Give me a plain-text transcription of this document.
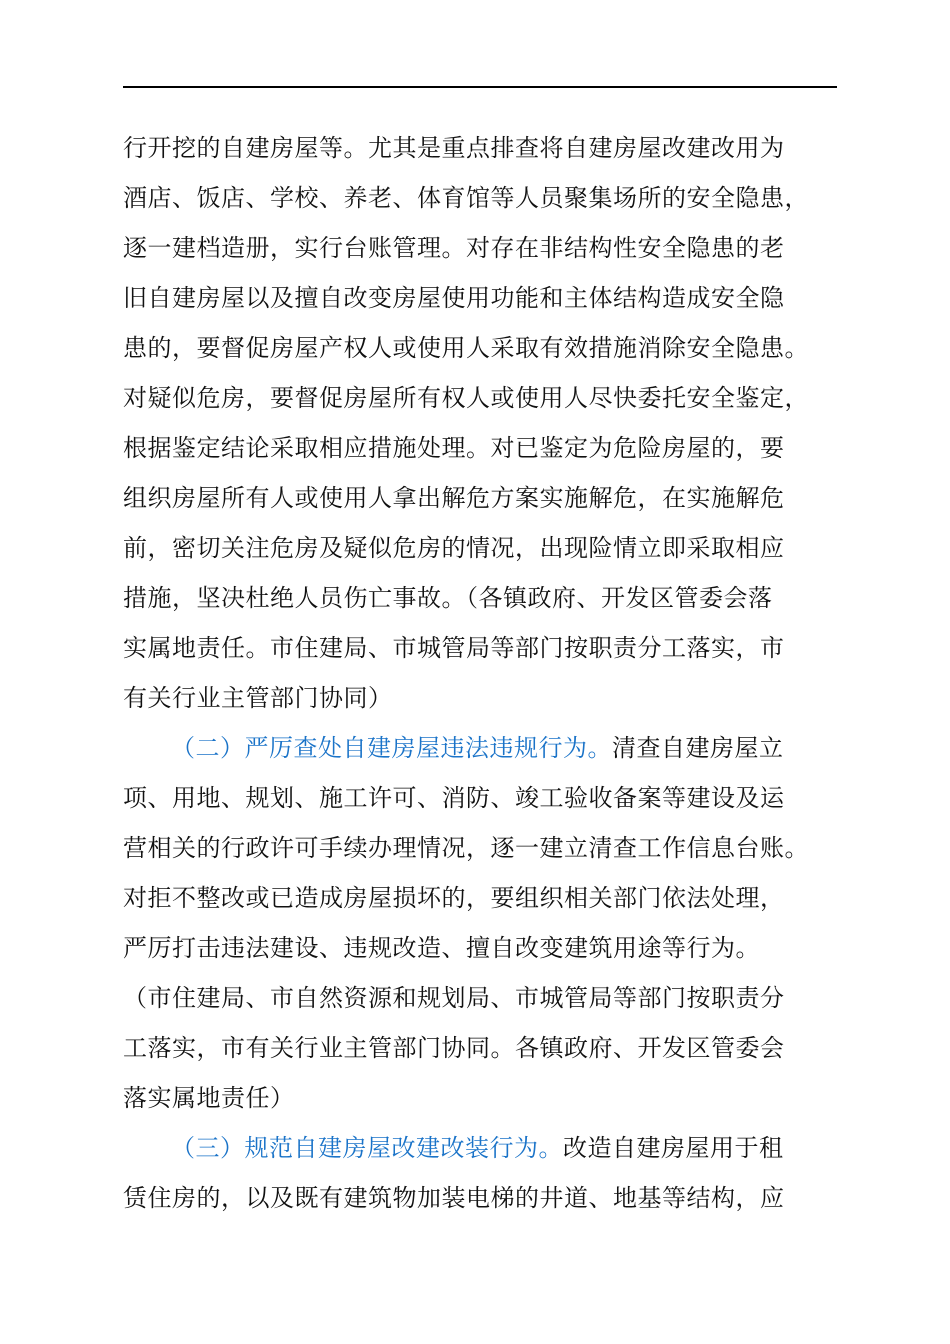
行开挖的自建房屋等。尤其是重点排查将自建房屋改建改用为
酒店、饭店、学校、养老、体育馆等人员聚集场所的安全隐患，
逐一建档造册，实行台账管理。对存在非结构性安全隐患的老
旧自建房屋以及擅自改变房屋使用功能和主体结构造成安全隐
患的，要督促房屋产权人或使用人采取有效措施消除安全隐患。
对疑似危房，要督促房屋所有权人或使用人尽快委托安全鉴定，
根据鉴定结论采取相应措施处理。对已鉴定为危险房屋的，要
组织房屋所有人或使用人拿出解危方案实施解危，在实施解危
前，密切关注危房及疑似危房的情况，出现险情立即采取相应
措施，坚决杜绝人员伤亡事故。（各镇政府、开发区管委会落
实属地责任。市住建局、市城管局等部门按职责分工落实，市
有关行业主管部门协同）
（二）严厉查处自建房屋违法违规行为。清查自建房屋立
项、用地、规划、施工许可、消防、竣工验收备案等建设及运
营相关的行政许可手续办理情况，逐一建立清查工作信息台账。
对拒不整改或已造成房屋损坏的，要组织相关部门依法处理，
严厉打击违法建设、违规改造、擅自改变建筑用途等行为。
（市住建局、市自然资源和规划局、市城管局等部门按职责分
工落实，市有关行业主管部门协同。各镇政府、开发区管委会
落实属地责任）
（三）规范自建房屋改建改装行为。改造自建房屋用于租
赁住房的，以及既有建筑物加装电梯的井道、地基等结构，应
